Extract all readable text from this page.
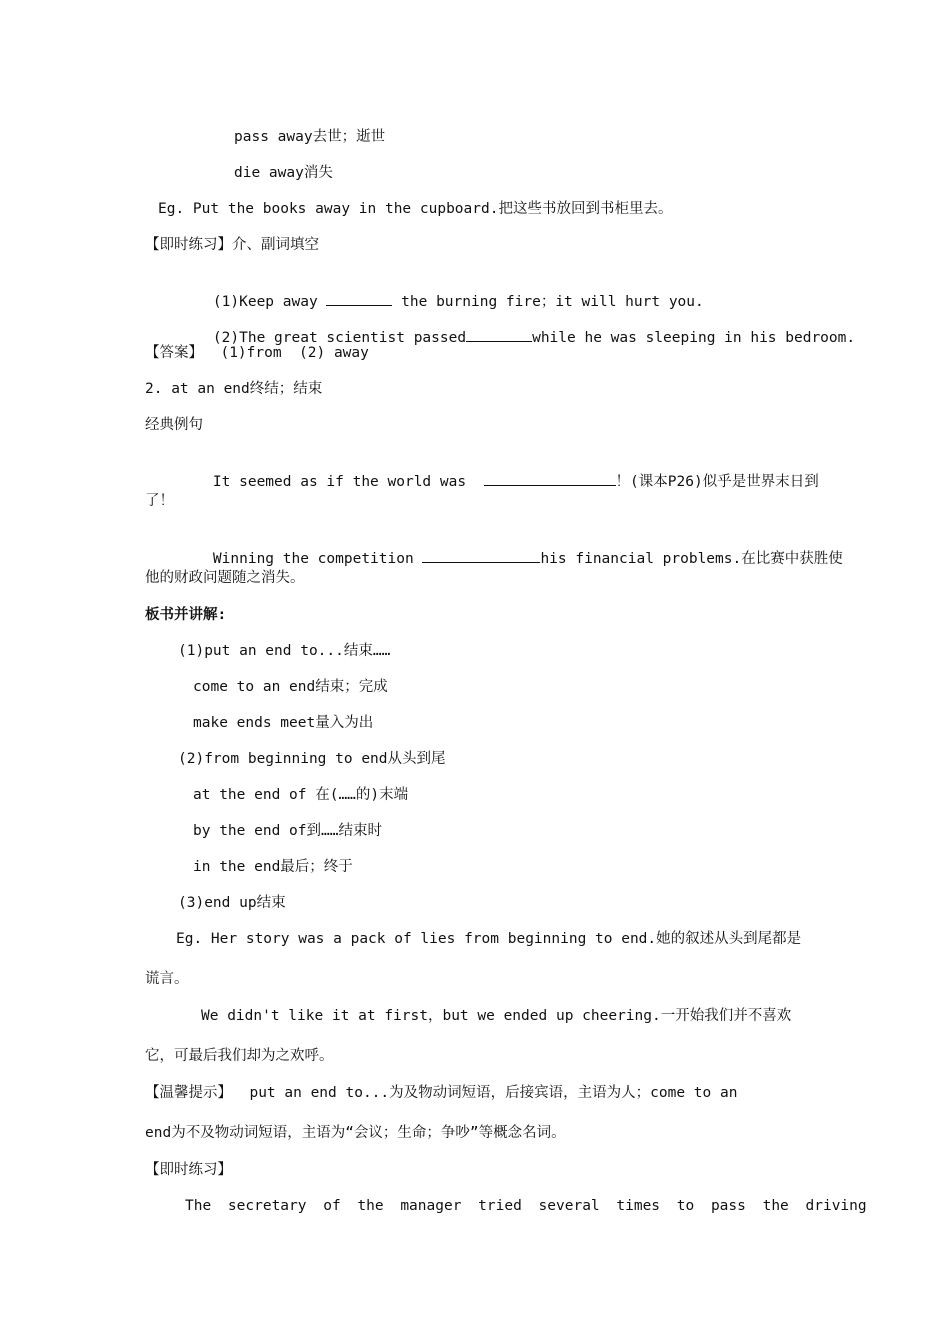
pass away去世；逝世
die away消失
Eg. Put the books away in the cupboard.把这些书放回到书柜里去。
【即时练习】介、副词填空

(1)Keep away	the burning fire；it will hurt you.

(2)The great scientist passed	while he was sleeping in his bedroom.

【答案】  (1)from  (2) away
2. at an end终结；结束
经典例句

It seemed as if the world was	！(课本P26)似乎是世界末日到

了！

Winning the competition	his financial problems.在比赛中获胜使

他的财政问题随之消失。
板书并讲解:
(1)put an end to...结束……
come to an end结束；完成
make ends meet量入为出
(2)from beginning to end从头到尾
at the end of 在(……的)末端
by the end of到……结束时
in the end最后；终于
(3)end up结束
Eg. Her story was a pack of lies from beginning to end.她的叙述从头到尾都是
谎言。
We didn't like it at first，but we ended up cheering.一开始我们并不喜欢
它，可最后我们却为之欢呼。
【温馨提示】  put an end to...为及物动词短语，后接宾语，主语为人；come to an
end为不及物动词短语，主语为“会议；生命；争吵”等概念名词。
【即时练习】
The secretary of the manager tried several times to pass the driving
